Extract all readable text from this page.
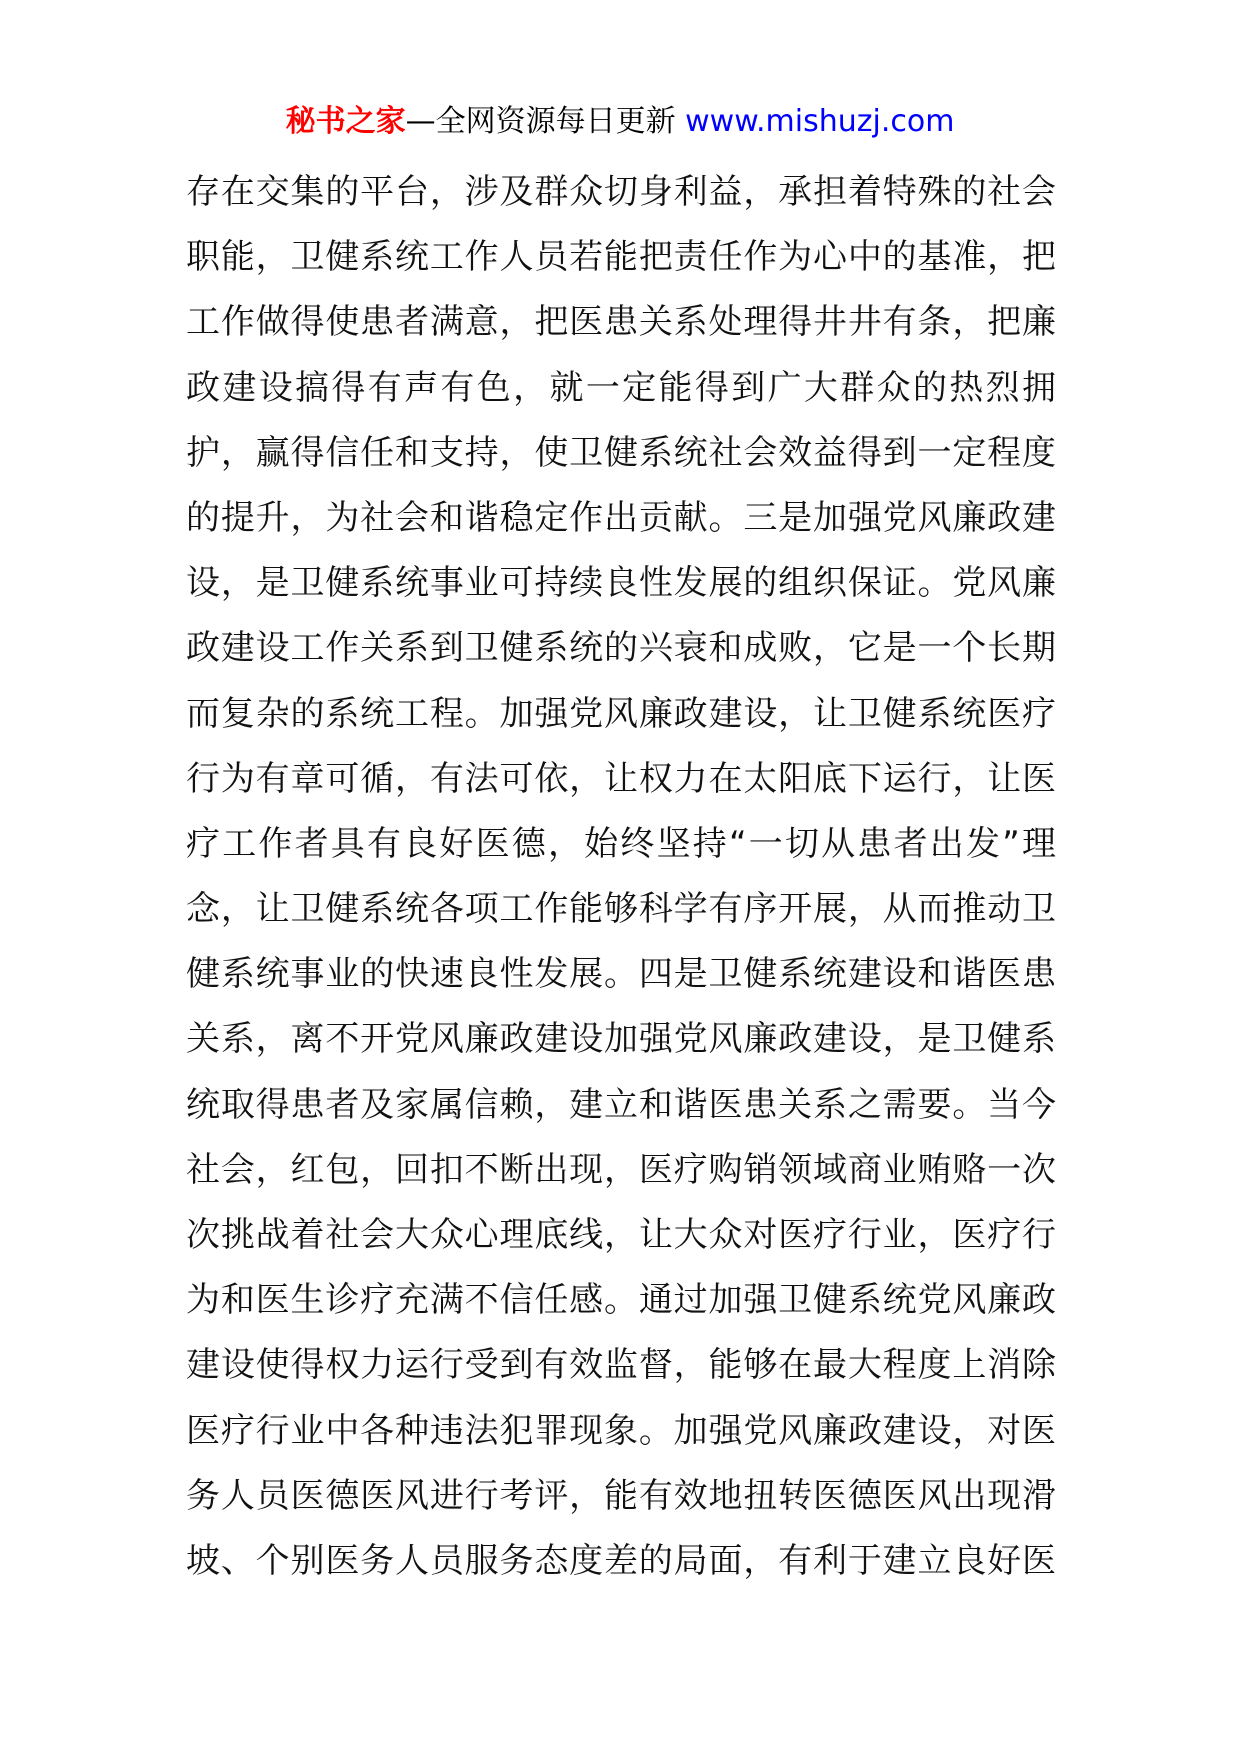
秘书之家—全网资源每日更新 www.mishuzj.com
存在交集的平台，涉及群众切身利益，承担着特殊的社会
职能，卫健系统工作人员若能把责任作为心中的基准，把
工作做得使患者满意，把医患关系处理得井井有条，把廉
政建设搞得有声有色，就一定能得到广大群众的热烈拥
护，赢得信任和支持，使卫健系统社会效益得到一定程度
的提升，为社会和谐稳定作出贡献。三是加强党风廉政建
设，是卫健系统事业可持续良性发展的组织保证。党风廉
政建设工作关系到卫健系统的兴衰和成败，它是一个长期
而复杂的系统工程。加强党风廉政建设，让卫健系统医疗
行为有章可循，有法可依，让权力在太阳底下运行，让医
疗工作者具有良好医德，始终坚持“一切从患者出发”理
念，让卫健系统各项工作能够科学有序开展，从而推动卫
健系统事业的快速良性发展。四是卫健系统建设和谐医患
关系，离不开党风廉政建设加强党风廉政建设，是卫健系
统取得患者及家属信赖，建立和谐医患关系之需要。当今
社会，红包，回扣不断出现，医疗购销领域商业贿赂一次
次挑战着社会大众心理底线，让大众对医疗行业，医疗行
为和医生诊疗充满不信任感。通过加强卫健系统党风廉政
建设使得权力运行受到有效监督，能够在最大程度上消除
医疗行业中各种违法犯罪现象。加强党风廉政建设，对医
务人员医德医风进行考评，能有效地扭转医德医风出现滑
坡、个别医务人员服务态度差的局面，有利于建立良好医
